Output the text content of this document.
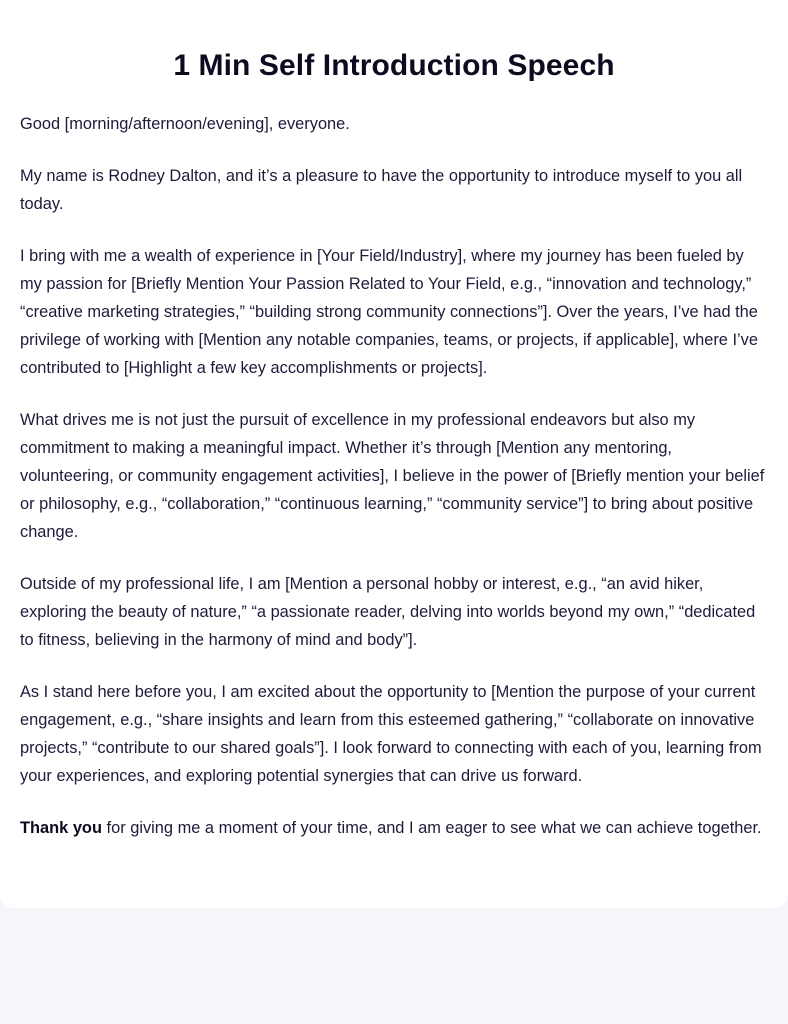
1 Min Self Introduction Speech

Good [morning/afternoon/evening], everyone.

My name is Rodney Dalton, and it’s a pleasure to have the opportunity to introduce myself to you all today.

I bring with me a wealth of experience in [Your Field/Industry], where my journey has been fueled by my passion for [Briefly Mention Your Passion Related to Your Field, e.g., “innovation and technology,” “creative marketing strategies,” “building strong community connections”]. Over the years, I’ve had the privilege of working with [Mention any notable companies, teams, or projects, if applicable], where I’ve contributed to [Highlight a few key accomplishments or projects].

What drives me is not just the pursuit of excellence in my professional endeavors but also my commitment to making a meaningful impact. Whether it’s through [Mention any mentoring, volunteering, or community engagement activities], I believe in the power of [Briefly mention your belief or philosophy, e.g., “collaboration,” “continuous learning,” “community service”] to bring about positive change.

Outside of my professional life, I am [Mention a personal hobby or interest, e.g., “an avid hiker, exploring the beauty of nature,” “a passionate reader, delving into worlds beyond my own,” “dedicated to fitness, believing in the harmony of mind and body”].

As I stand here before you, I am excited about the opportunity to [Mention the purpose of your current engagement, e.g., “share insights and learn from this esteemed gathering,” “collaborate on innovative projects,” “contribute to our shared goals”]. I look forward to connecting with each of you, learning from your experiences, and exploring potential synergies that can drive us forward.

Thank you for giving me a moment of your time, and I am eager to see what we can achieve together.
